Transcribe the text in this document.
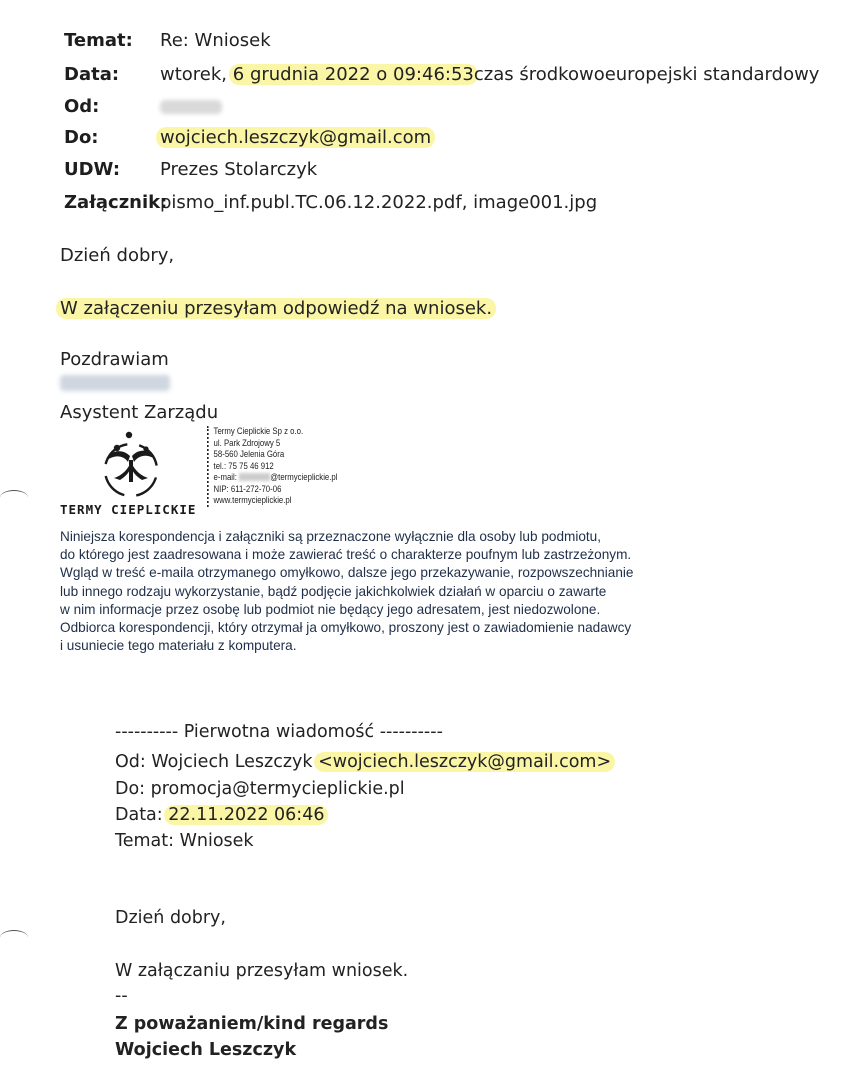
Temat: Re: Wniosek
Data: wtorek, 6 grudnia 2022 o 09:46:53czas środkowoeuropejski standardowy
Od:
Do:	wojciech.leszczyk@gmail.com
UDW: Prezes Stolarczyk
Załącznik:
pismo_inf.publ.TC.06.12.2022.pdf, image001.jpg
Dzień dobry,
W załączeniu przesyłam odpowiedź na wniosek.
Pozdrawiam
Asystent Zarządu
TERMY CIEPLICKIE
Termy Cieplickie Sp z o.o.
ul. Park Zdrojowy 5
58-560 Jelenia Góra
tel.: 75 75 46 912
e-mail:	@termycieplickie.pl
NIP: 611-272-70-06
www.termycieplickie.pl
Niniejsza korespondencja i załączniki są przeznaczone wyłącznie dla osoby lub podmiotu,
do którego jest zaadresowana i może zawierać treść o charakterze poufnym lub zastrzeżonym.
Wgląd w treść e-maila otrzymanego omyłkowo, dalsze jego przekazywanie, rozpowszechnianie
lub innego rodzaju wykorzystanie, bądź podjęcie jakichkolwiek działań w oparciu o zawarte
w nim informacje przez osobę lub podmiot nie będący jego adresatem, jest niedozwolone.
Odbiorca korespondencji, który otrzymał ja omyłkowo, proszony jest o zawiadomienie nadawcy
i usuniecie tego materiału z komputera.
---------- Pierwotna wiadomość ----------
Od: Wojciech Leszczyk <wojciech.leszczyk@gmail.com>
Do: promocja@termycieplickie.pl
Data: 22.11.2022 06:46
Temat: Wniosek
Dzień dobry,
W załączaniu przesyłam wniosek.
--
Z poważaniem/kind regards
Wojciech Leszczyk
